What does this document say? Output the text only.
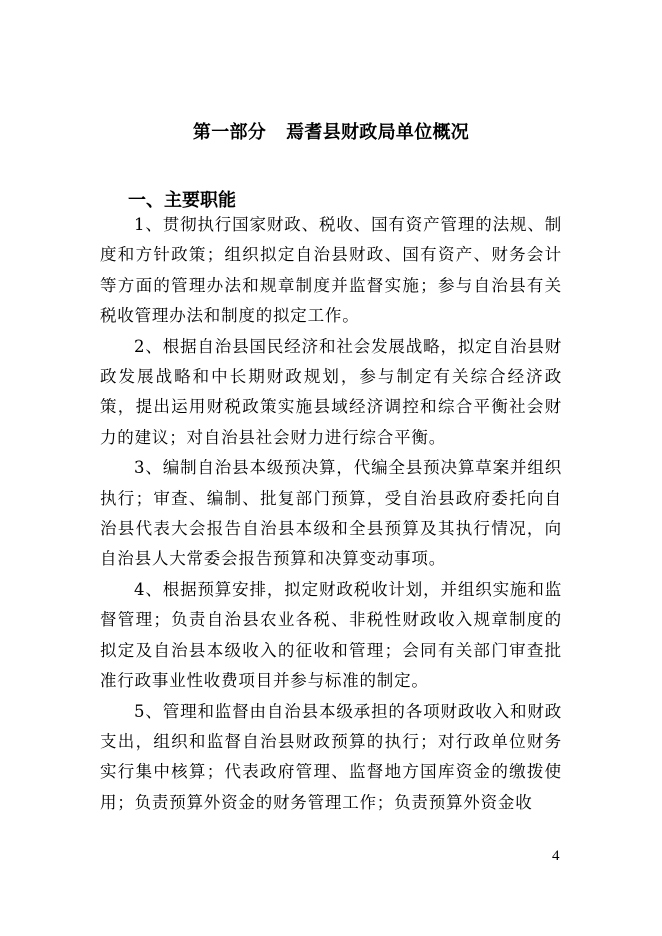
第一部分 焉耆县财政局单位概况
一、主要职能

1、贯彻执行国家财政、税收、国有资产管理的法规、制度和方针政策；组织拟定自治县财政、国有资产、财务会计等方面的管理办法和规章制度并监督实施；参与自治县有关税收管理办法和制度的拟定工作。

2、根据自治县国民经济和社会发展战略，拟定自治县财政发展战略和中长期财政规划，参与制定有关综合经济政策，提出运用财税政策实施县域经济调控和综合平衡社会财力的建议；对自治县社会财力进行综合平衡。

3、编制自治县本级预决算，代编全县预决算草案并组织执行；审查、编制、批复部门预算，受自治县政府委托向自治县代表大会报告自治县本级和全县预算及其执行情况，向自治县人大常委会报告预算和决算变动事项。

4、根据预算安排，拟定财政税收计划，并组织实施和监督管理；负责自治县农业各税、非税性财政收入规章制度的拟定及自治县本级收入的征收和管理；会同有关部门审查批准行政事业性收费项目并参与标准的制定。

5、管理和监督由自治县本级承担的各项财政收入和财政支出，组织和监督自治县财政预算的执行；对行政单位财务实行集中核算；代表政府管理、监督地方国库资金的缴拨使用；负责预算外资金的财务管理工作；负责预算外资金收

4
